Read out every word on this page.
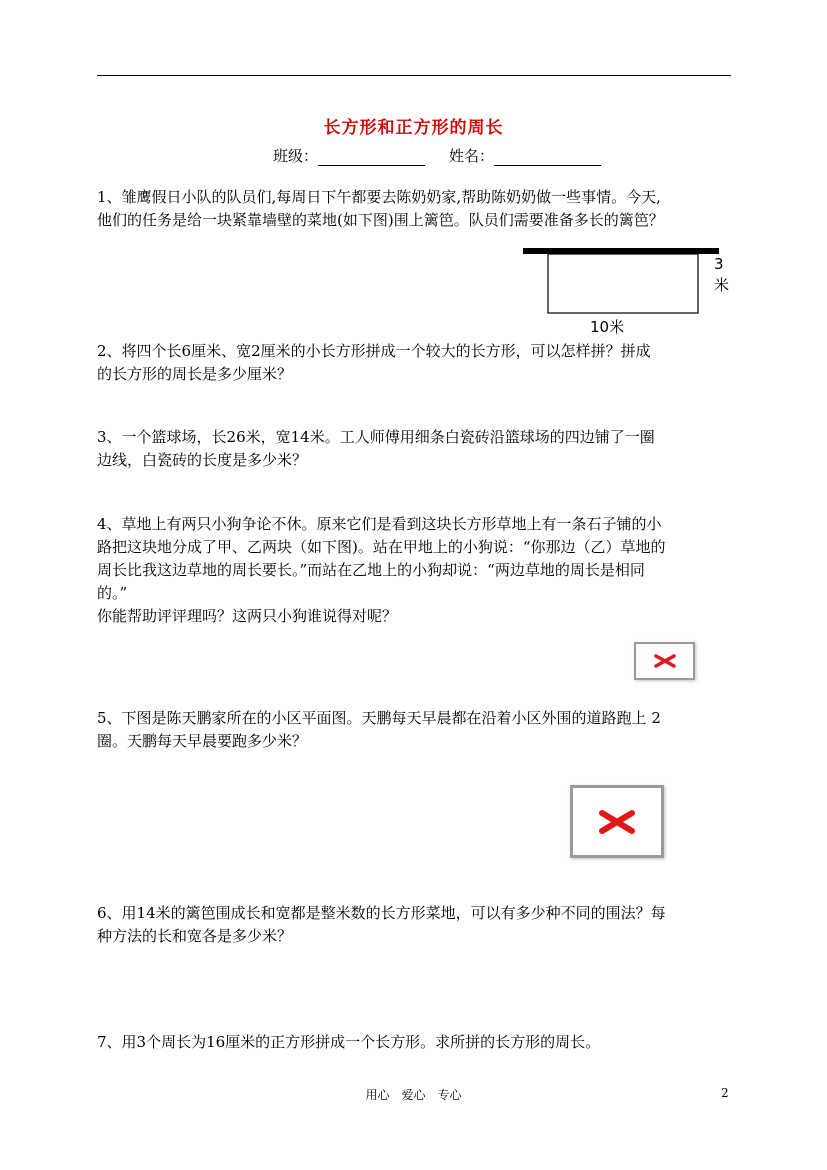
长方形和正方形的周长
班级：	姓名：

1、雏鹰假日小队的队员们,每周日下午都要去陈奶奶家,帮助陈奶奶做一些事情。今天,

他们的任务是给一块紧靠墙壁的菜地(如下图)围上篱笆。队员们需要准备多长的篱笆？

3
米
10米

2、将四个长6厘米、宽2厘米的小长方形拼成一个较大的长方形，可以怎样拼？拼成

的长方形的周长是多少厘米？

3、一个篮球场，长26米，宽14米。工人师傅用细条白瓷砖沿篮球场的四边铺了一圈

边线，白瓷砖的长度是多少米？

4、草地上有两只小狗争论不休。原来它们是看到这块长方形草地上有一条石子铺的小

路把这块地分成了甲、乙两块（如下图)。站在甲地上的小狗说：“你那边（乙）草地的

周长比我这边草地的周长要长。”而站在乙地上的小狗却说：“两边草地的周长是相同

的。”

你能帮助评评理吗？这两只小狗谁说得对呢？

5、下图是陈天鹏家所在的小区平面图。天鹏每天早晨都在沿着小区外围的道路跑上 2

圈。天鹏每天早晨要跑多少米？

6、用14米的篱笆围成长和宽都是整米数的长方形菜地，可以有多少种不同的围法？每

种方法的长和宽各是多少米？

7、用3个周长为16厘米的正方形拼成一个长方形。求所拼的长方形的周长。

用心　爱心　专心	2
